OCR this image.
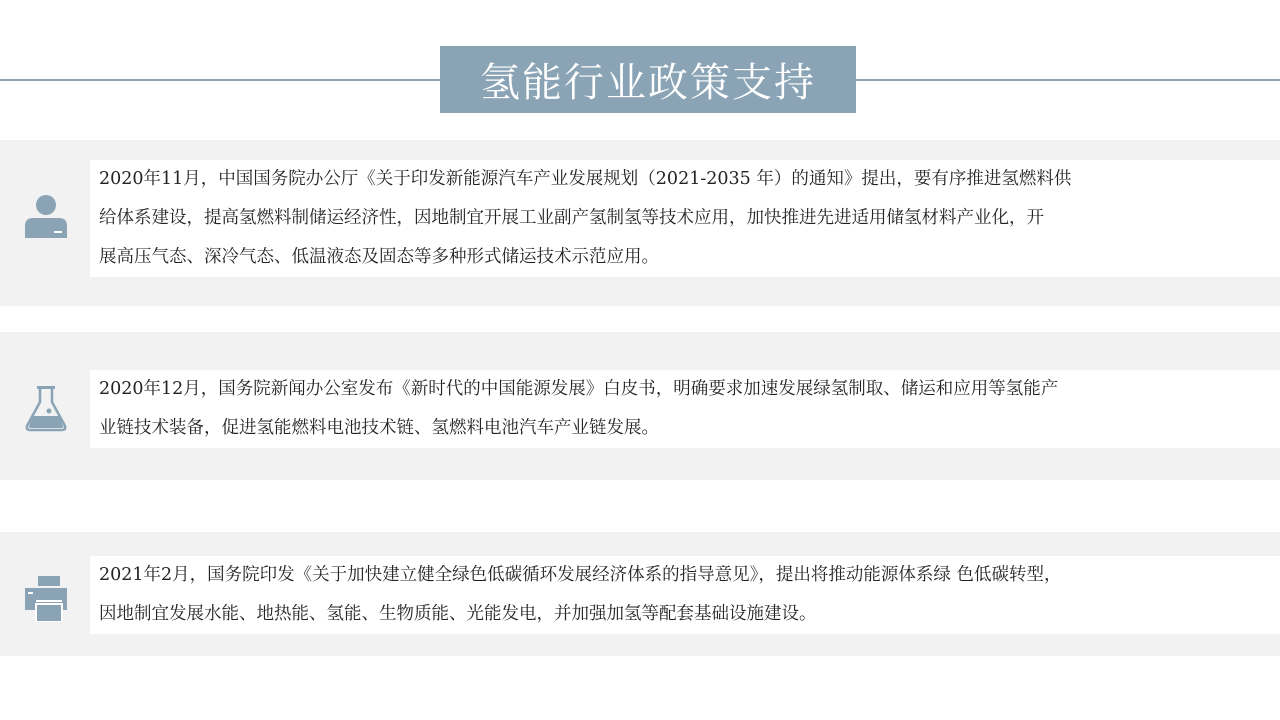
氢能行业政策支持

2020年11月，中国国务院办公厅《关于印发新能源汽车产业发展规划（2021-2035 年）的通知》提出，要有序推进氢燃料供

给体系建设，提高氢燃料制储运经济性，因地制宜开展工业副产氢制氢等技术应用，加快推进先进适用储氢材料产业化，开

展高压气态、深冷气态、低温液态及固态等多种形式储运技术示范应用。

2020年12月，国务院新闻办公室发布《新时代的中国能源发展》白皮书，明确要求加速发展绿氢制取、储运和应用等氢能产

业链技术装备，促进氢能燃料电池技术链、氢燃料电池汽车产业链发展。

2021年2月，国务院印发《关于加快建立健全绿色低碳循环发展经济体系的指导意见》，提出将推动能源体系绿 色低碳转型，

因地制宜发展水能、地热能、氢能、生物质能、光能发电，并加强加氢等配套基础设施建设。
